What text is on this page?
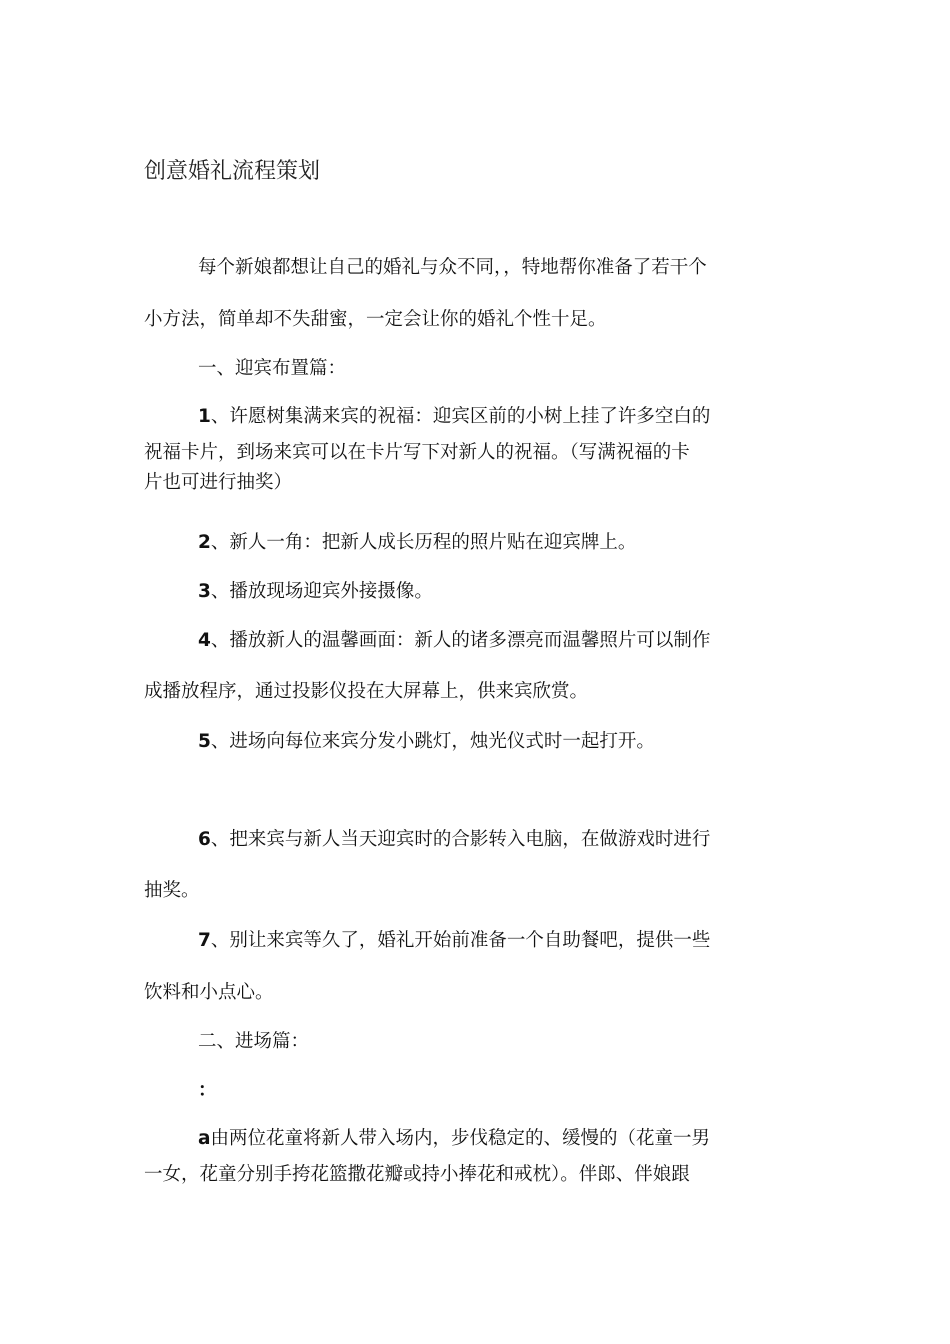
创意婚礼流程策划
每个新娘都想让自己的婚礼与众不同，，特地帮你准备了若干个
小方法，简单却不失甜蜜，一定会让你的婚礼个性十足。
一、迎宾布置篇：
1、许愿树集满来宾的祝福：迎宾区前的小树上挂了许多空白的
祝福卡片，到场来宾可以在卡片写下对新人的祝福。（写满祝福的卡
片也可进行抽奖）
2、新人一角：把新人成长历程的照片贴在迎宾牌上。
3、播放现场迎宾外接摄像。
4、播放新人的温馨画面：新人的诸多漂亮而温馨照片可以制作
成播放程序，通过投影仪投在大屏幕上，供来宾欣赏。
5、进场向每位来宾分发小跳灯，烛光仪式时一起打开。
6、把来宾与新人当天迎宾时的合影转入电脑，在做游戏时进行
抽奖。
7、别让来宾等久了，婚礼开始前准备一个自助餐吧，提供一些
饮料和小点心。
二、进场篇：
：
a由两位花童将新人带入场内，步伐稳定的、缓慢的（花童一男
一女，花童分别手挎花篮撒花瓣或持小捧花和戒枕）。伴郎、伴娘跟
